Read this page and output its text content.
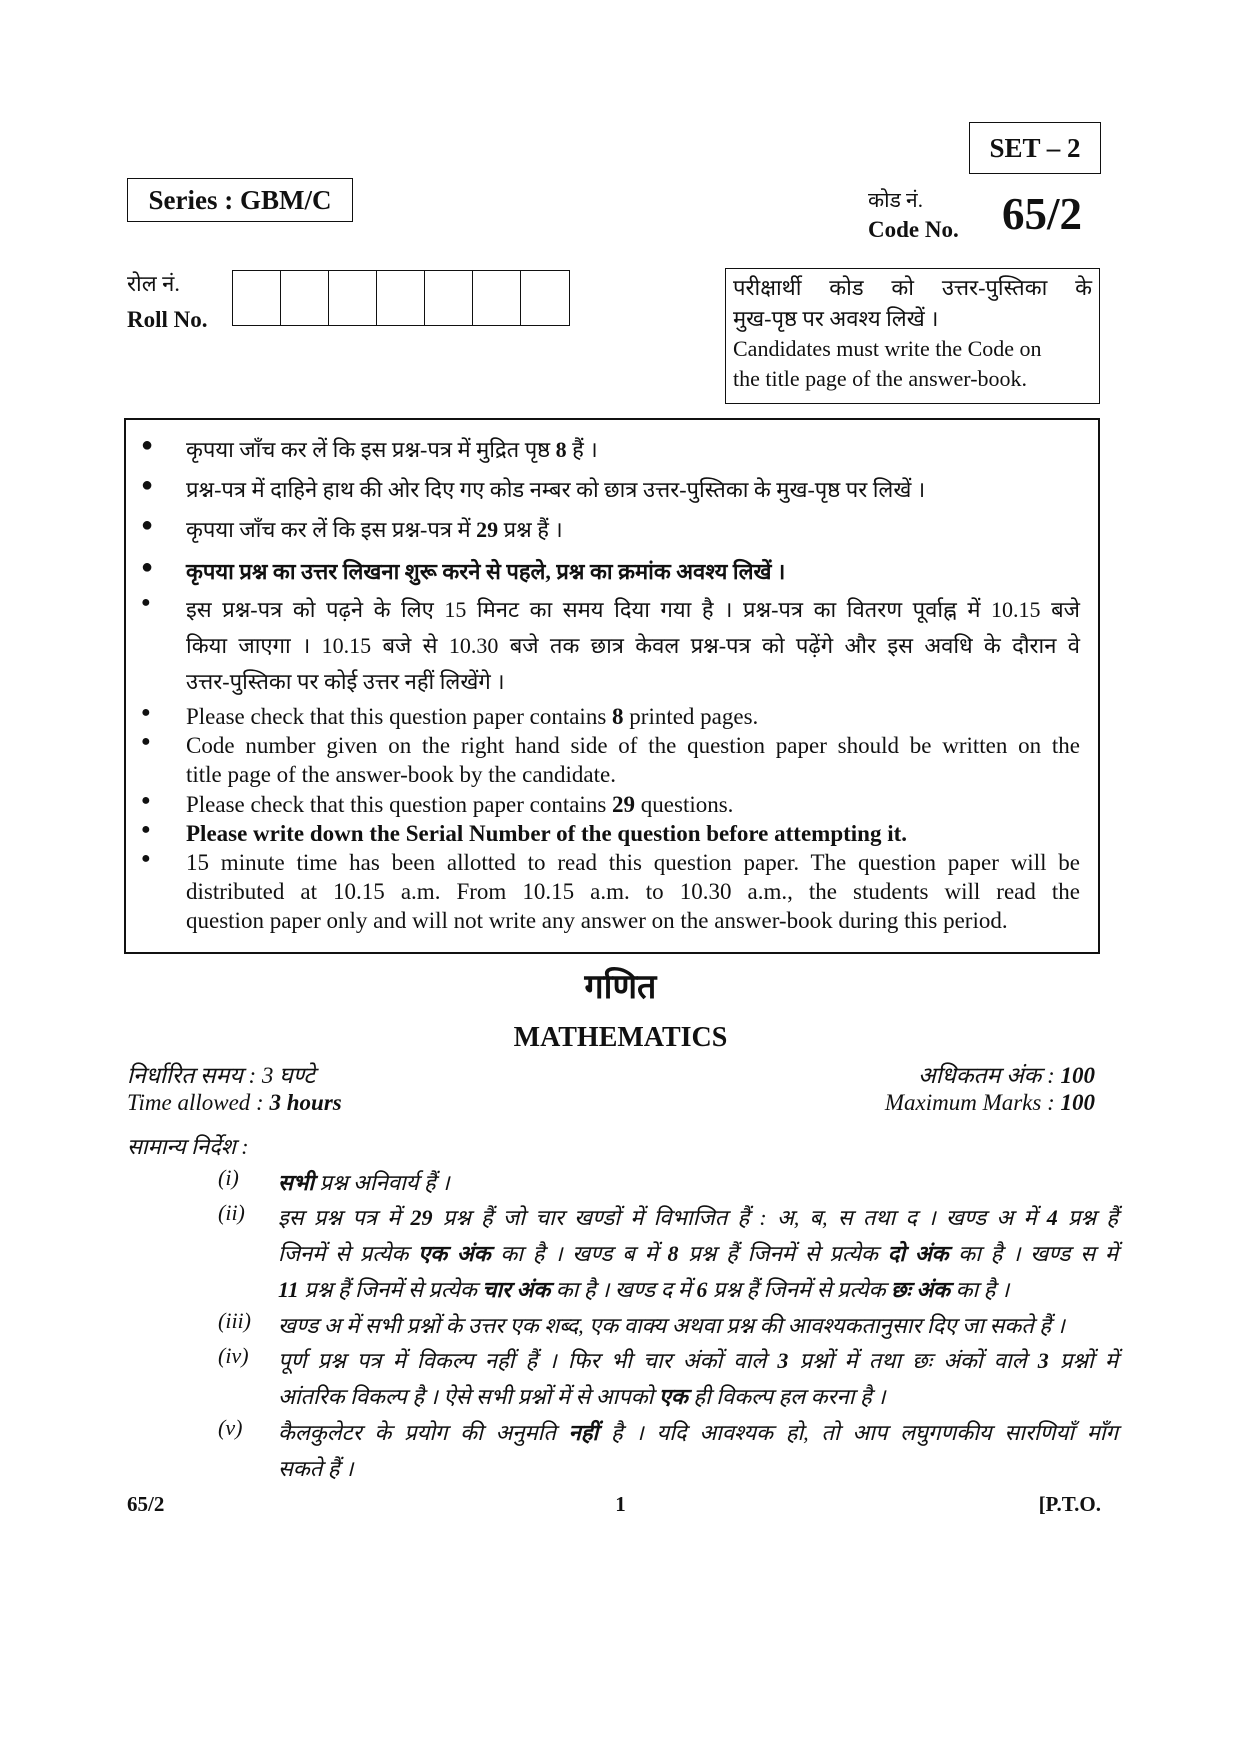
SET – 2
Series : GBM/C	कोड नं.
Code No. 65/2
रोल नं.
Roll No.
परीक्षार्थी कोड को उत्तर-पुस्तिका के
मुख-पृष्ठ पर अवश्य लिखें ।
Candidates must write the Code on
the title page of the answer-book.
● कृपया जाँच कर लें कि इस प्रश्न-पत्र में मुद्रित पृष्ठ 8 हैं ।
● प्रश्न-पत्र में दाहिने हाथ की ओर दिए गए कोड नम्बर को छात्र उत्तर-पुस्तिका के मुख-पृष्ठ पर लिखें ।
● कृपया जाँच कर लें कि इस प्रश्न-पत्र में 29 प्रश्न हैं ।
● कृपया प्रश्न का उत्तर लिखना शुरू करने से पहले, प्रश्न का क्रमांक अवश्य लिखें ।
● इस प्रश्न-पत्र को पढ़ने के लिए 15 मिनट का समय दिया गया है । प्रश्न-पत्र का वितरण पूर्वाह्न में 10.15 बजे
किया जाएगा । 10.15 बजे से 10.30 बजे तक छात्र केवल प्रश्न-पत्र को पढ़ेंगे और इस अवधि के दौरान वे
उत्तर-पुस्तिका पर कोई उत्तर नहीं लिखेंगे ।
● Please check that this question paper contains 8 printed pages.
● Code number given on the right hand side of the question paper should be written on the
title page of the answer-book by the candidate.
● Please check that this question paper contains 29 questions.
● Please write down the Serial Number of the question before attempting it.
● 15 minute time has been allotted to read this question paper. The question paper will be
distributed at 10.15 a.m. From 10.15 a.m. to 10.30 a.m., the students will read the
question paper only and will not write any answer on the answer-book during this period.
गणित
MATHEMATICS
निर्धारित समय : 3 घण्टे
Time allowed : 3 hours
अधिकतम अंक : 100
Maximum Marks : 100
सामान्य निर्देश :
(i) सभी प्रश्न अनिवार्य हैं ।
(ii) इस प्रश्न पत्र में 29 प्रश्न हैं जो चार खण्डों में विभाजित हैं : अ, ब, स तथा द । खण्ड अ में 4 प्रश्न हैं
जिनमें से प्रत्येक एक अंक का है । खण्ड ब में 8 प्रश्न हैं जिनमें से प्रत्येक दो अंक का है । खण्ड स में
11 प्रश्न हैं जिनमें से प्रत्येक चार अंक का है । खण्ड द में 6 प्रश्न हैं जिनमें से प्रत्येक छः अंक का है ।
(iii) खण्ड अ में सभी प्रश्नों के उत्तर एक शब्द, एक वाक्य अथवा प्रश्न की आवश्यकतानुसार दिए जा सकते हैं ।
(iv) पूर्ण प्रश्न पत्र में विकल्प नहीं हैं । फिर भी चार अंकों वाले 3 प्रश्नों में तथा छः अंकों वाले 3 प्रश्नों में
आंतरिक विकल्प है । ऐसे सभी प्रश्नों में से आपको एक ही विकल्प हल करना है ।
(v) कैलकुलेटर के प्रयोग की अनुमति नहीं है । यदि आवश्यक हो, तो आप लघुगणकीय सारणियाँ माँग
सकते हैं ।
65/2	1	[P.T.O.
